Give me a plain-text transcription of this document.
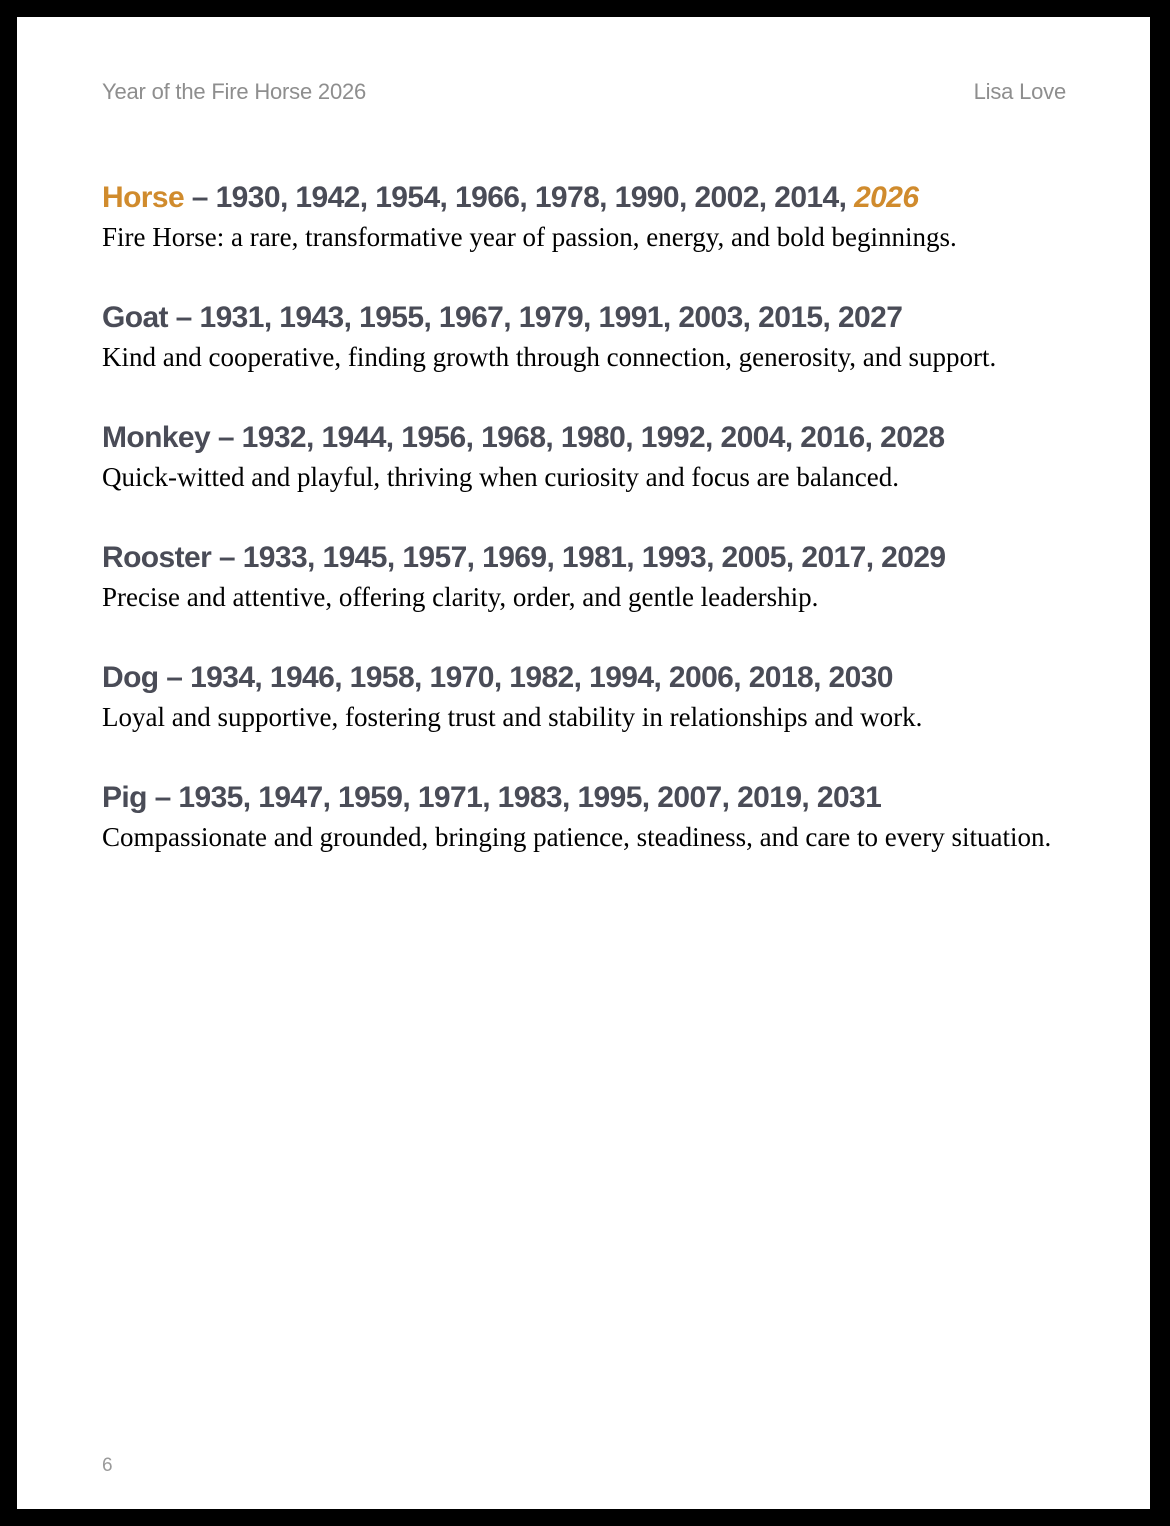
Year of the Fire Horse 2026	Lisa Love
Horse – 1930, 1942, 1954, 1966, 1978, 1990, 2002, 2014, 2026
Fire Horse: a rare, transformative year of passion, energy, and bold beginnings.
Goat – 1931, 1943, 1955, 1967, 1979, 1991, 2003, 2015, 2027
Kind and cooperative, finding growth through connection, generosity, and support.
Monkey – 1932, 1944, 1956, 1968, 1980, 1992, 2004, 2016, 2028
Quick-witted and playful, thriving when curiosity and focus are balanced.
Rooster – 1933, 1945, 1957, 1969, 1981, 1993, 2005, 2017, 2029
Precise and attentive, offering clarity, order, and gentle leadership.
Dog – 1934, 1946, 1958, 1970, 1982, 1994, 2006, 2018, 2030
Loyal and supportive, fostering trust and stability in relationships and work.
Pig – 1935, 1947, 1959, 1971, 1983, 1995, 2007, 2019, 2031
Compassionate and grounded, bringing patience, steadiness, and care to every situation.
6
